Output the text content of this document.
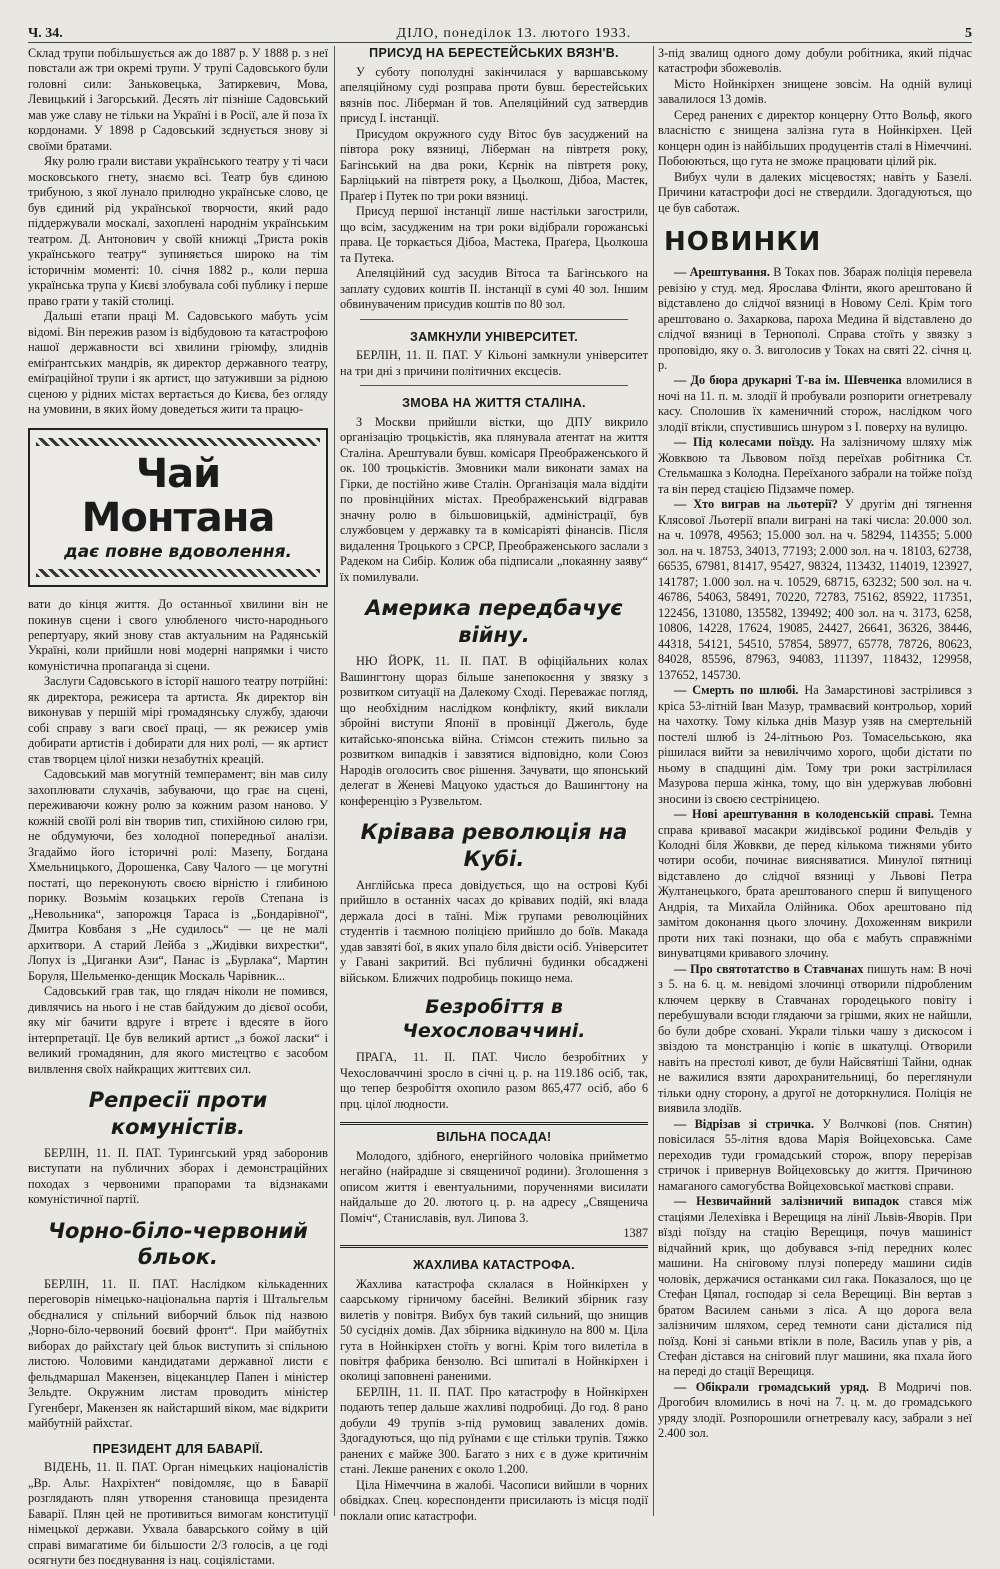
Ч. 34.	ДІЛО, понеділок 13. лютого 1933.	5

Склад трупи побільшується аж до 1887 р. У 1888 р. з неї повстали аж три окремі трупи. У трупі Садовського були головні сили: Заньковецька, Затиркевич, Мова, Левицький і Загорський. Десять літ пізніше Садовський мав уже славу не тільки на Україні і в Росії, але й поза їх кордонами. У 1898 р Садовський зєднується знову зі своїми братами.

Яку ролю грали вистави українського театру у ті часи московського гнету, знаємо всі. Театр був єдиною трибуною, з якої лунало прилюдно українське слово, це був єдиний рід української творчости, який радо піддержували москалі, захоплені народнім українським театром. Д. Антонович у своїй книжці „Триста років українського театру“ зупиняється широко на тім історичнім моменті: 10. січня 1882 р., коли перша українська трупа у Києві злобувала собі публику і перше право грати у такій столиці.

Дальші етапи праці М. Садовського мабуть усім відомі. Він пережив разом із відбудовою та катастрофою нашої державности всі хвилини гріюмфу, злиднів еміґрантських мандрів, як директор державного театру, еміґраційної трупи і як артист, що затуживши за рідною сценою у рідних містах вертається до Києва, без огляду на умовини, в яких йому доведеться жити та працю-

Чай Монтана
дає повне вдоволення.

вати до кінця життя. До останньої хвилини він не покинув сцени і свого улюбленого чисто-народнього репертуару, який знову став актуальним на Радянській Україні, коли прийшли нові модерні напрямки і чисто комуністична пропаганда зі сцени.

Заслуги Садовського в історії нашого театру потрійні: як директора, режисера та артиста. Як директор він виконував у першій мірі громадянську службу, здаючи собі справу з ваги своєї праці, — як режисер умів добирати артистів і добирати для них ролі, — як артист став творцем цілої низки незабутніх креацій.

Садовський мав могутній темперамент; він мав силу захоплювати слухачів, забуваючи, що грає на сцені, переживаючи кожну ролю за кожним разом наново. У кожній своїй ролі він творив тип, стихійною силою гри, не обдумуючи, без холодної попередньої аналізи. Згадаймо його історичні ролі: Мазепу, Богдана Хмельницького, Дорошенка, Саву Чалого — це могутні постаті, що переконують своєю вірністю і глибиною порику. Возьмім козацьких героїв Степана із „Невольника“, запорожця Тараса із „Бондарівної“, Дмитра Ковбаня з „Не судилось“ — це не малі архитвори. А старий Лейба з „Жидівки вихрестки“, Лопух із „Циганки Ази“, Панас із „Бурлака“, Мартин Боруля, Шельменко-денщик Москаль Чарівник...

Садовський грав так, що глядач ніколи не помився, дивлячись на нього і не став байдужим до дієвої особи, яку міг бачити вдруге і втретє і вдесяте в його інтерпретації. Це був великий артист „з божої ласки“ і великий громадянин, для якого мистецтво є засобом вилвлення своїх найкращих життєвих сил.

Репресії проти комуністів.

БЕРЛІН, 11. II. ПАТ. Турингський уряд заборонив виступати на публичних зборах і демонстраційних походах з червоними прапорами та відзнаками комуністичної партії.

Чорно-біло-червоний бльок.

БЕРЛІН, 11. II. ПАТ. Наслідком кількаденних переговорів німецько-національна партія і Штальгельм обєдналися у спільний виборчий бльок під назвою „Чорно-біло-червоний боєвий фронт“. При майбутніх виборах до райхстаґу цей бльок виступить зі спільною листою. Чоловими кандидатами державної листи є фельдмаршал Макензен, віцеканцлер Папен і міністер Зельдте. Окружним листам проводить міністер Гугенберґ, Макензен як найстарший віком, має відкрити майбутній райхстаґ.

ПРЕЗИДЕНТ ДЛЯ БАВАРІЇ.

ВІДЕНЬ, 11. II. ПАТ. Орган німецьких націоналістів „Вр. Альг. Нахріхтен“ повідомляє, що в Баварії розглядають плян утворення становища президента Баварії. Плян цей не противиться вимогам конституції німецької держави. Ухвала баварського сойму в цій справі вимагатиме би більшости 2/3 голосів, а це годі осягнути без поєднування із нац. соціялістами.

ПРИСУД НА БЕРЕСТЕЙСЬКИХ ВЯЗН'В.

У суботу пополудні закінчилася у варшавському апеляційному суді розправа проти бувш. берестейських вязнів пос. Ліберман й тов. Апеляційний суд затвердив присуд І. інстанції.

Присудом окружного суду Вітос був засуджений на півтора року вязниці, Ліберман на півтретя року, Багінський на два роки, Кєрнік на півтретя року, Барліцький на півтретя року, а Цьолкош, Дібоа, Мастек, Праґер і Путек по три роки вязниці.

Присуд першої інстанції лише настільки загострили, що всім, засудженим на три роки відібрали горожанські права. Це торкається Дібоа, Мастека, Праґера, Цьолкоша та Путека.

Апеляційний суд засудив Вітоса та Багінського на заплату судових коштів II. інстанції в сумі 40 зол. Іншим обвинуваченим присудив коштів по 80 зол.

ЗАМКНУЛИ УНІВЕРСИТЕТ.

БЕРЛІН, 11. II. ПАТ. У Кільоні замкнули університет на три дні з причини політичних ексцесів.

ЗМОВА НА ЖИТТЯ СТАЛІНА.

З Москви прийшли вістки, що ДПУ викрило організацію троцькістів, яка плянувала атентат на життя Сталіна. Арештували бувш. комісаря Преображенського й ок. 100 троцькістів. Змовники мали виконати замах на Гірки, де постійно живе Сталін. Організація мала віддіти по провінційних містах. Преображенський відгравав значну ролю в більшовицькій, адміністрації, був службовцем у державку та в комісаріяті фінансів. Після видалення Троцького з СРСР, Преображенського заслали з Радеком на Сибір. Колиж оба підписали „покаянну заяву“ їх помилували.

Америка передбачує війну.

НЮ ЙОРК, 11. II. ПАТ. В офіційальних колах Вашингтону щораз більше занепокоєння у звязку з розвитком ситуації на Далекому Сході. Переважає погляд, що необхідним наслідком конфлікту, який виклали збройні виступи Японії в провінції Джеголь, буде китайсько-японська війна. Стімсон стежить пильно за розвитком випадків і завзятися відповідно, коли Союз Народів оголосить своє рішення. Зачувати, що японський делегат в Женеві Мацуоко удасться до Вашингтону на конференцію з Рузвельтом.

Крівава революція на Кубі.

Англійська преса довідується, що на острові Кубі прийшло в останніх часах до крівавих подій, які влада держала досі в таїні. Між групами революційних студентів і таємною поліцією прийшло до боїв. Макада удав завзяті бої, в яких упало біля двісти осіб. Університет у Гавані закритий. Всі публичні будинки обсаджені військом. Ближчих подробиць покищо нема.

Безробіття в Чехословаччині.

ПРАГА, 11. II. ПАТ. Число безробітних у Чехословаччині зросло в січні ц. р. на 119.186 осіб, так, що тепер безробіття охопило разом 865,477 осіб, або 6 прц. цілої людности.

ВІЛЬНА ПОСАДА!

Молодого, здібного, енергійного чоловіка прийметмо негайно (найрадше зі священичої родини). Зголошення з описом життя і евентуальними, порученнями висилати найдальше до 20. лютого ц. р. на адресу „Священича Поміч“, Станиславів, вул. Липова 3.

1387
ЖАХЛИВА КАТАСТРОФА.

Жахлива катастрофа склалася в Нойнкірхен у саарському гірничому басейні. Великий збірник газу вилетів у повітря. Вибух був такий сильний, що знищив 50 сусідніх домів. Дах збірника відкинуло на 800 м. Ціла гута в Нойнкірхен стоїть у вогні. Крім того вилетіла в повітря фабрика бензолю. Всі шпиталі в Нойнкірхен і околиці заповнені раненими.

БЕРЛІН, 11. II. ПАТ. Про катастрофу в Нойнкірхен подають тепер дальше жахливі подробиці. До год. 8 рано добули 49 трупів з-під румовищ завалених домів. Здогадуються, що під руїнами є ще стільки трупів. Тяжко ранених є майже 300. Багато з них є в дуже критичнім стані. Лекше ранених є около 1.200.

Ціла Німеччина в жалобі. Часописи вийшли в чорних обвідках. Спец. кореспонденти присилають із місця події поклали опис катастрофи.

З-під звалищ одного дому добули робітника, який підчас катастрофи збожеволів.

Місто Нойнкірхен знищене зовсім. На одній вулиці завалилося 13 домів.

Серед ранених є директор концерну Отто Вольф, якого власністю є знищена залізна гута в Нойнкірхен. Цей концерн один із найбільших продуцентів сталі в Німеччині. Побоюються, що гута не зможе працювати цілий рік.

Вибух чули в далеких місцевостях; навіть у Базелі. Причини катастрофи досі не ствердили. Здогадуються, що це був саботаж.

НОВИНКИ

— Арештування. В Токах пов. Збараж поліція перевела ревізію у студ. мед. Ярослава Флінти, якого арештовано й відставлено до слідчої вязниці в Новому Селі. Крім того арештовано о. Захаркова, пароха Медина й відставлено до слідчої вязниці в Тернополі. Справа стоїть у звязку з проповідю, яку о. З. виголосив у Токах на святі 22. січня ц. р.

— До бюра друкарні Т-ва ім. Шевченка вломилися в ночі на 11. п. м. злодії й пробували розпорити огнетревалу касу. Сполошив їх каменичний сторож, наслідком чого злодії втікли, спустившись шнуром з I. поверху на вулицю.

— Під колесами поїзду. На залізничому шляху між Жовквою та Львовом поїзд переїхав робітника Ст. Стельмашка з Колодна. Переїханого забрали на тойже поїзд та він перед стацією Підзамче помер.

— Хто виграв на льотерії? У другім дні тягнення Клясової Льотерії впали виграні на такі числа: 20.000 зол. на ч. 10978, 49563; 15.000 зол. на ч. 58294, 114355; 5.000 зол. на ч. 18753, 34013, 77193; 2.000 зол. на ч. 18103, 62738, 66535, 67981, 81417, 95427, 98324, 113432, 114019, 123927, 141787; 1.000 зол. на ч. 10529, 68715, 63232; 500 зол. на ч. 46786, 54063, 58491, 70220, 72783, 75162, 85922, 117351, 122456, 131080, 135582, 139492; 400 зол. на ч. 3173, 6258, 10806, 14228, 17624, 19085, 24427, 26641, 36326, 38446, 44318, 54121, 54510, 57854, 58977, 65778, 78726, 80623, 84028, 85596, 87963, 94083, 111397, 118432, 129958, 137652, 145730.

— Смерть по шлюбі. На Замарстинові застрілився з кріса 53-літній Іван Мазур, трамваєвий контрольор, хорий на чахотку. Тому кілька днів Мазур узяв на смертельній постелі шлюб із 24-літньою Роз. Томасельською, яка рішилася вийти за невиліччимо хорого, щоби дістати по ньому в спадщині дім. Тому три роки застрілилася Мазурова перша жінка, тому, що він удержував любовні зносини із своєю сестріницею.

— Нові арештування в колоденській справі. Темна справа кривавої масакри жидівської родини Фельдів у Колодні біля Жовкви, де перед кількома тижнями убито чотири особи, починає виясняватися. Минулої пятниці відставлено до слідчої вязниці у Львові Петра Жултанецького, брата арештованого сперш й випущеного Андрія, та Михайла Олійника. Обох арештовано під замітом доконання цього злочину. Дохоженням викрили проти них такі познаки, що оба є мабуть справжніми винуватцями кривавого злочину.

— Про святотатство в Ставчанах пишуть нам: В ночі з 5. на 6. ц. м. невідомі злочинці отворили підробленим ключем церкву в Ставчанах городецького повіту і перебушували всюди глядаючи за грішми, яких не найшли, бо були добре сховані. Украли тільки чашу з дискосом і звіздою та монстранцію і копіє в шкатулці. Отворили навіть на престолі кивот, де були Найсвятіші Тайни, однак не важилися взяти дарохранительниці, бо переглянули тільки одну сторону, а другої не доторкнулися. Поліція не виявила злодіїв.

— Відрізав зі стричка. У Волчкові (пов. Снятин) повісилася 55-літня вдова Марія Войцеховська. Саме переходив туди громадський сторож, впору перерізав стричок і привернув Войцеховську до життя. Причиною намаганого самогубства Войцеховської маєткові справи.

— Незвичайний залізничий випадок стався між стаціями Лелехівка і Верещиця на лінії Львів-Яворів. При вїзді поїзду на стацію Верещиця, почув машиніст відчайний крик, що добувався з-під передних колес машини. На сніговому плузі попереду машини сидів чоловік, держачися останками сил гака. Показалося, що це Стефан Цяпал, господар зі села Верещиці. Він вертав з братом Василем саньми з ліса. А що дорога вела залізничим шляхом, серед темноти сани дісталися під поїзд. Коні зі саньми втікли в поле, Василь упав у рів, а Стефан дістався на сніговий плуг машини, яка пхала його на переді до стації Верещиця.

— Обікрали громадський уряд. В Модричі пов. Дрогобич вломились в ночі на 7. ц. м. до громадського уряду злодії. Розпорошили огнетревалу касу, забрали з неї 2.400 зол.
